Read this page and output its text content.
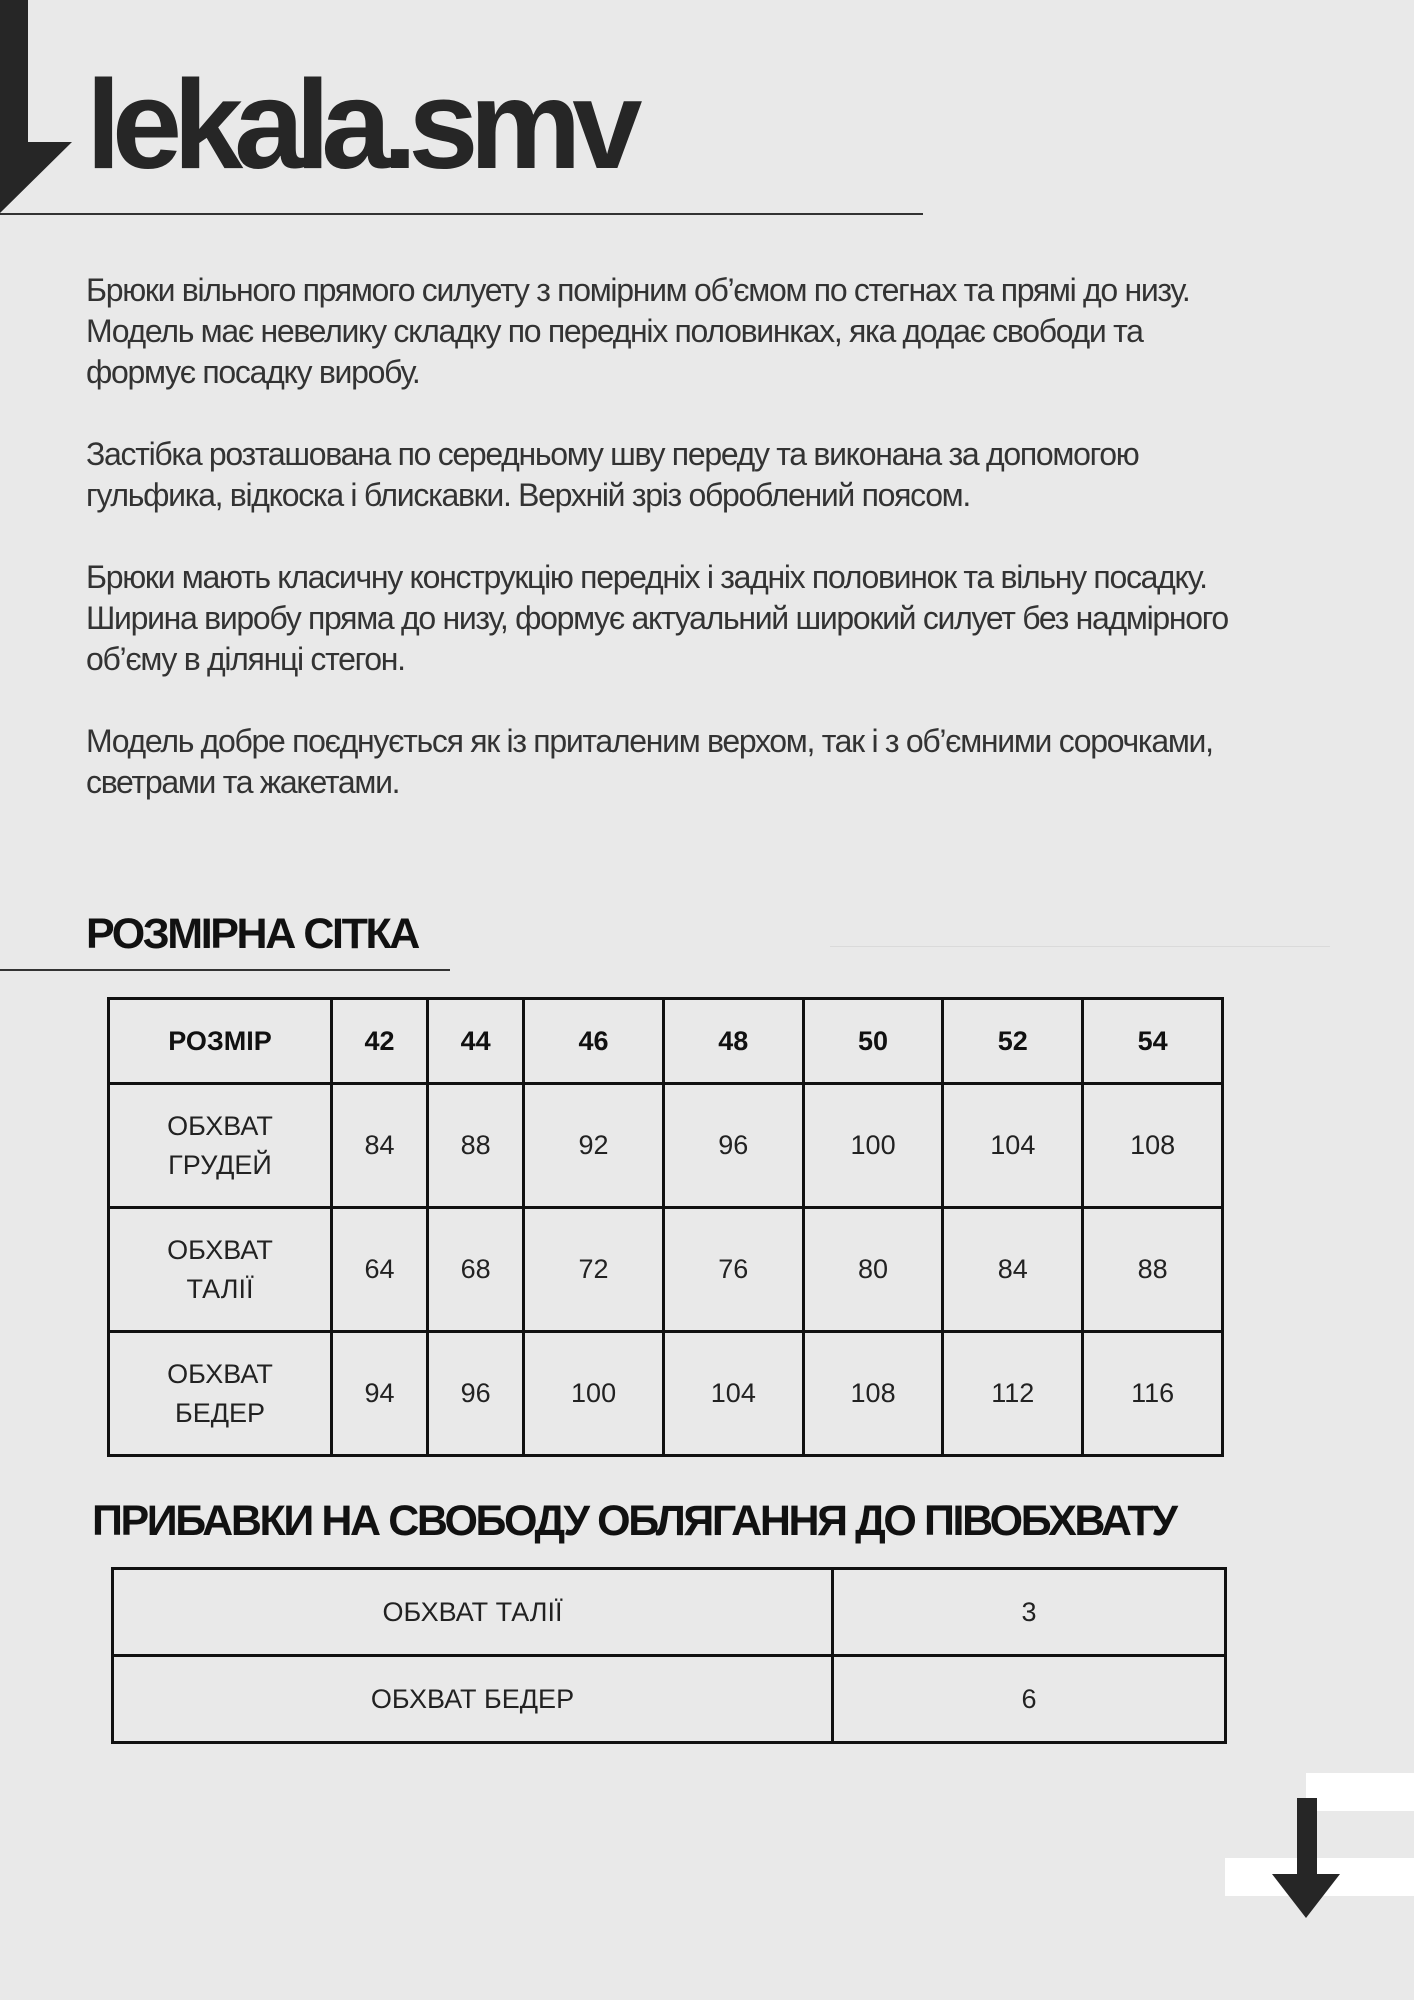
lekala.smv

Брюки вільного прямого силуету з помірним об’ємом по стегнах та прямі до низу. Модель має невелику складку по передніх половинках, яка додає свободи та формує посадку виробу.

Застібка розташована по середньому шву переду та виконана за допомогою гульфика, відкоска і блискавки. Верхній зріз оброблений поясом.

Брюки мають класичну конструкцію передніх і задніх половинок та вільну посадку. Ширина виробу пряма до низу, формує актуальний широкий силует без надмірного об’єму в ділянці стегон.

Модель добре поєднується як із приталеним верхом, так і з об’ємними сорочками, светрами та жакетами.

РОЗМІРНА СІТКА
РОЗМІР	42	44	46	48	50	52	54
ОБХВАТ
ГРУДЕЙ	84	88	92	96	100	104	108
ОБХВАТ
ТАЛІЇ	64	68	72	76	80	84	88
ОБХВАТ
БЕДЕР	94	96	100	104	108	112	116
ПРИБАВКИ НА СВОБОДУ ОБЛЯГАННЯ ДО ПІВОБХВАТУ
ОБХВАТ ТАЛІЇ	3
ОБХВАТ БЕДЕР	6
